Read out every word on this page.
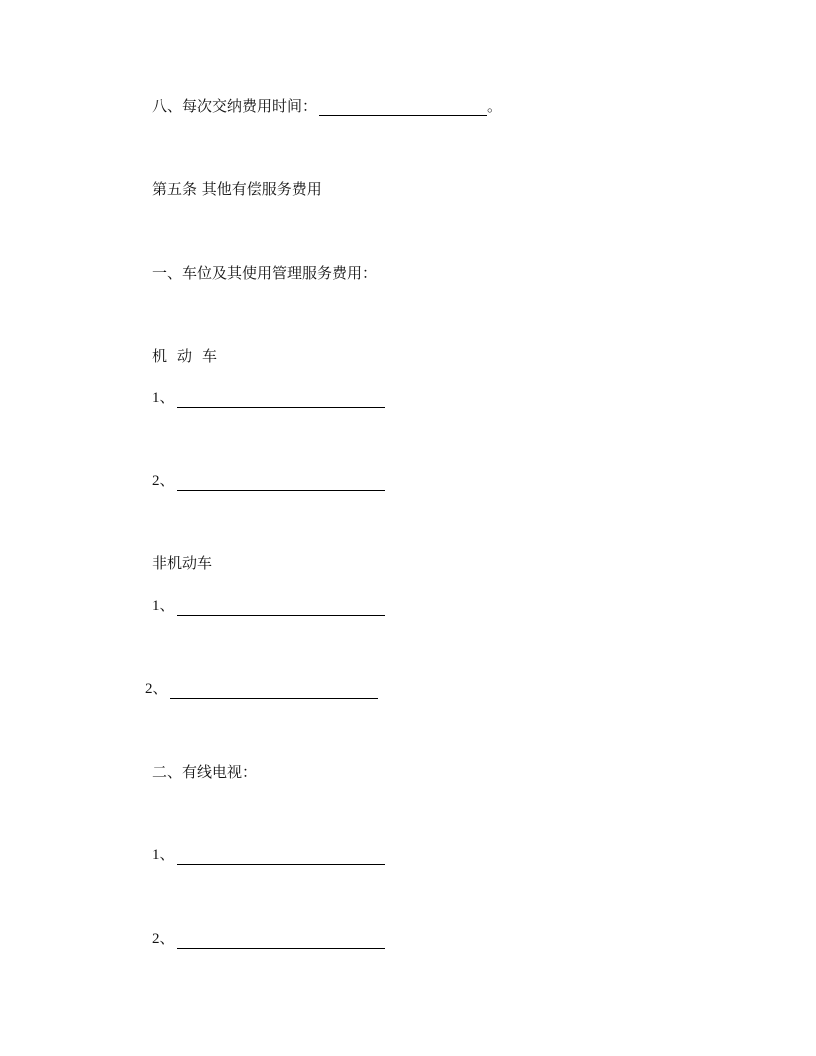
八、每次交纳费用时间：	。
第五条 其他有偿服务费用
一、车位及其使用管理服务费用：
机动车
1、
2、
非机动车
1、
2、
二、有线电视：
1、
2、
